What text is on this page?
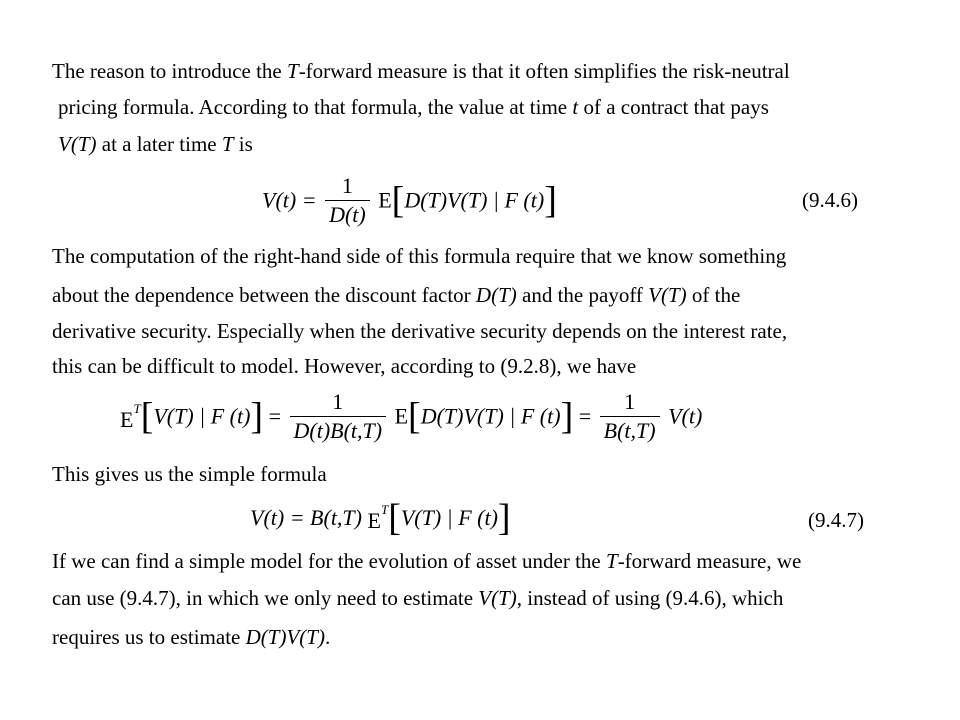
The reason to introduce the T-forward measure is that it often simplifies the risk-neutral
pricing formula. According to that formula, the value at time t of a contract that pays
V(T) at a later time T is
$V(t) = \frac{1}{D(t)} E[D(T)V(T)$ | F (t)]	(9.4.6)
The computation of the right-hand side of this formula require that we know something
about the dependence between the discount factor D(T) and the payoff V(T) of the
derivative security. Especially when the derivative security depends on the interest rate,
this can be difficult to model. However, according to (9.2.8), we have
$E^T[V(T)$ | F $(t)] = \frac{1}{D(t)B(t,T)} E[D(T)V(T)$ | F $(t)] = \frac{1}{B(t,T)} V(t)$
This gives us the simple formula
V(t) = B(t,T) $E^T[V(T)$ | F (t)]	(9.4.7)
If we can find a simple model for the evolution of asset under the T-forward measure, we
can use (9.4.7), in which we only need to estimate V(T), instead of using (9.4.6), which
requires us to estimate D(T)V(T).
